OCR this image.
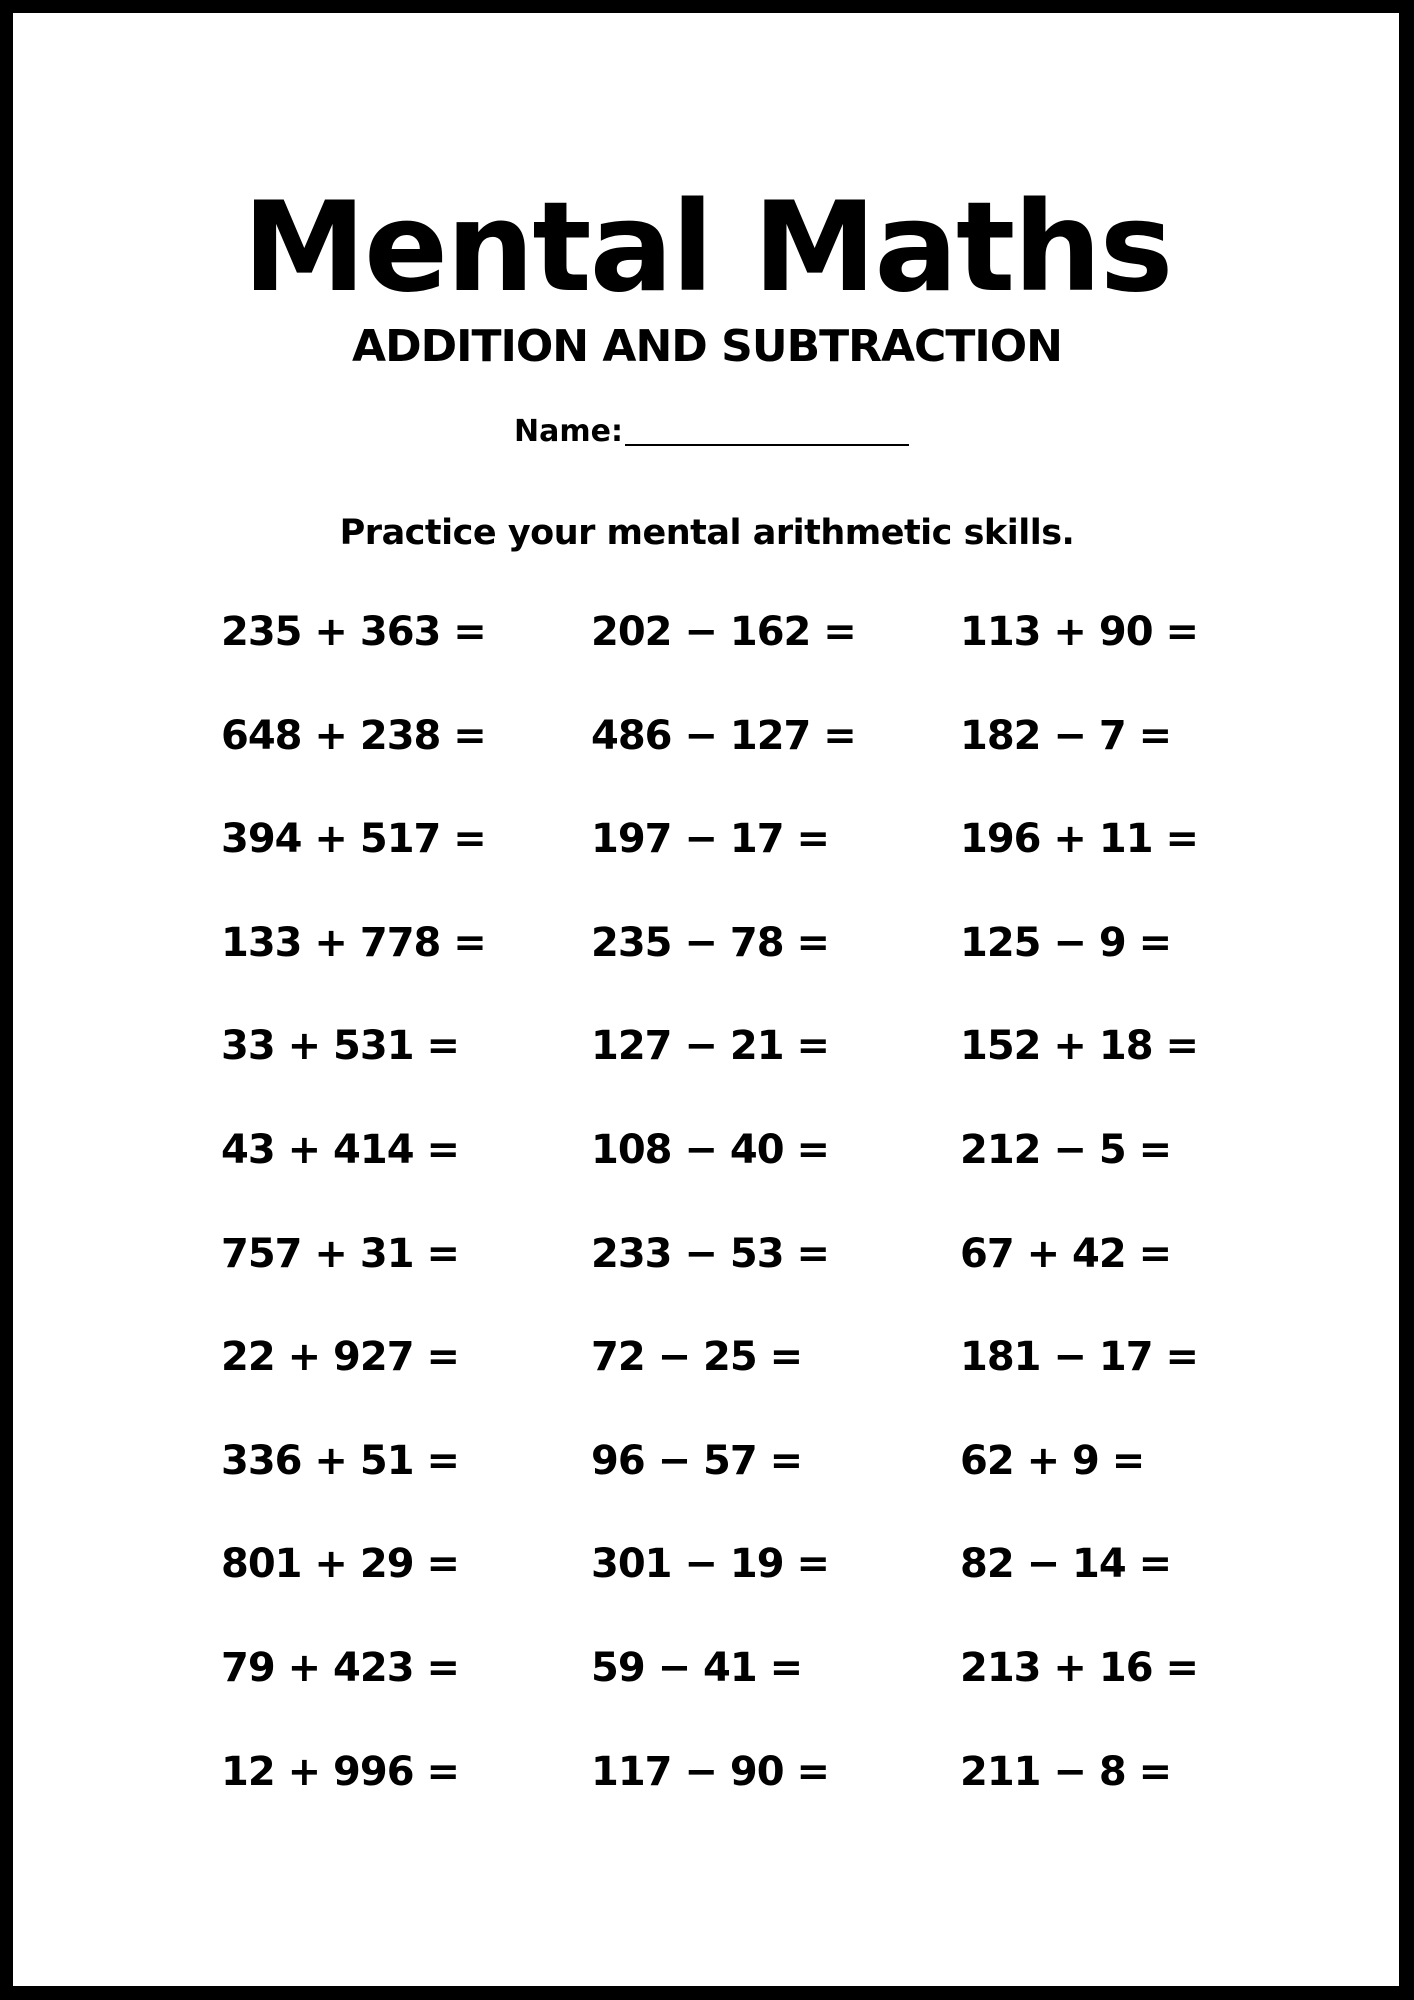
Mental Maths
ADDITION AND SUBTRACTION
Name:
Practice your mental arithmetic skills.
235 + 363 =	202 − 162 =	113 + 90 =
648 + 238 =	486 − 127 =	182 − 7 =
394 + 517 =	197 − 17 =	196 + 11 =
133 + 778 =	235 − 78 =	125 − 9 =
33 + 531 =	127 − 21 =	152 + 18 =
43 + 414 =	108 − 40 =	212 − 5 =
757 + 31 =	233 − 53 =	67 + 42 =
22 + 927 =	72 − 25 =	181 − 17 =
336 + 51 =	96 − 57 =	62 + 9 =
801 + 29 =	301 − 19 =	82 − 14 =
79 + 423 =	59 − 41 =	213 + 16 =
12 + 996 =	117 − 90 =	211 − 8 =
